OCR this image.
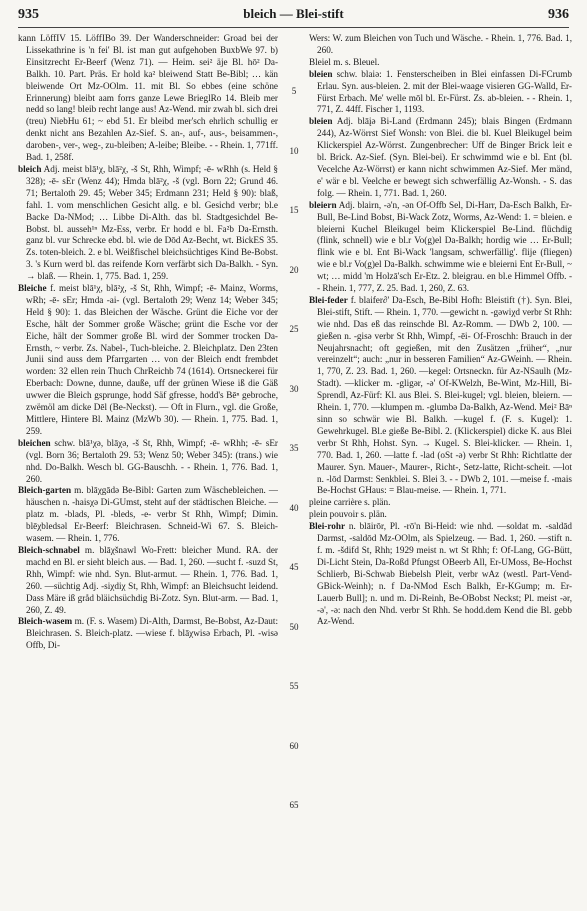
935	bleich — Blei-stift	936

kann LöffIV 15. LöffIBo 39. Der Wanderschneider: Groad bei der Lissekathrine is 'n fei' Bl. ist man gut aufgehoben BuxbWe 97. b) Einsitzrecht Er-Beerf (Wenz 71). — Heim. sei² äje Bl. hō² Da-Balkh. 10. Part. Präs. Er hold ka² bleiwend Statt Be-Bibl; … kän bleiwende Ort Mz-OOlm. 11. mit Bl. So ebbes (eine schöne Erinnerung) bleibt aam forrs ganze Lewe BrieglRo 14. Bleib mer nedd so lang! bleib recht lange aus! Az-Wend. mir zwah bl. sich drei (treu) NiebHu 61; ~ ebd 51. Er bleibd mer'sch ehrlich schullig er denkt nicht ans Bezahlen Az-Sief. S. an-, auf-, aus-, beisammen-, daroben-, ver-, weg-, zu-bleiben; A-leibe; Bleibe. - - Rhein. 1, 771ff. Bad. 1, 258f.

bleich Adj. meist blā¹χ, blā²χ, -š St, Rhh, Wimpf; -ē- wRhh (s. Held § 328); -ē- sEr (Wenz 44); Hmda blā²χ, -š (vgl. Born 22; Grund 46. 71; Bertaloth 29. 45; Weber 345; Erdmann 231; Held § 90): blaß, fahl. 1. vom menschlichen Gesicht allg. e bl. Gesichd verbr; bl.e Backe Da-NMod; … Libbe Di-Alth. das bl. Stadtgesichdel Be-Bobst. bl. ausseh¹ⁿ Mz-Ess, verbr. Er hodd e bl. Fa²b Da-Ernsth. ganz bl. vur Schrecke ebd. bl. wie de Dōd Az-Becht, wt. BickES 35. Zs. toten-bleich. 2. e bl. Weißfischel bleichsüchtiges Kind Be-Bobst. 3. 's Kurn werd bl. das reifende Korn verfärbt sich Da-Balkh. - Syn. → blaß. — Rhein. 1, 775. Bad. 1, 259.

Bleiche f. meist blā¹χ, blā²χ, -š St, Rhh, Wimpf; -ē- Mainz, Worms, wRh; -ē- sEr; Hmda -ai- (vgl. Bertaloth 29; Wenz 14; Weber 345; Held § 90): 1. das Bleichen der Wäsche. Grünt die Eiche vor der Esche, hält der Sommer große Wäsche; grünt die Esche vor der Eiche, hält der Sommer große Bl. wird der Sommer trocken Da-Ernsth, ~ verbr. Zs. Nabel-, Tuch-bleiche. 2. Bleichplatz. Den 23ten Junii sind auss dem Pfarrgarten … von der Bleich endt frembdet worden: 32 ellen rein Thuch ChrReichb 74 (1614). Ortsneckerei für Eberbach: Downe, dunne, dauße, uff der grünen Wiese iß die Gäß uwwer die Bleich gsprunge, hodd Säf gfresse, hodd's Bēⁿ gebroche, zwëmöl am dicke Dēl (Be-Neckst). — Oft in Flurn., vgl. die Große, Mittlere, Hintere Bl. Mainz (MzWb 30). — Rhein. 1, 775. Bad. 1, 259.

bleichen schw. blā¹χə, blāχə, -š St, Rhh, Wimpf; -ē- wRhh; -ē- sEr (vgl. Born 36; Bertaloth 29. 53; Wenz 50; Weber 345): (trans.) wie nhd. Do-Balkh. Wesch bl. GG-Bauschh. - - Rhein. 1, 776. Bad. 1, 260.

Bleich-garten m. blāχgādə Be-Bibl: Garten zum Wäschebleichen. —häuschen n. -haisχə Di-GUmst, steht auf der städtischen Bleiche. —platz m. -blads, Pl. -bleds, -e- verbr St Rhh, Wimpf; Dimin. blēχbledsəl Er-Beerf: Bleichrasen. Schneid-Wi 67. S. Bleich-wasem. — Rhein. 1, 776.

Bleich-schnabel m. blāχšnawl Wo-Frett: bleicher Mund. RA. der machd en Bl. er sieht bleich aus. — Bad. 1, 260. —sucht f. -suzd St, Rhh, Wimpf: wie nhd. Syn. Blut-armut. — Rhein. 1, 776. Bad. 1, 260. —süchtig Adj. -siχdiχ St, Rhh, Wimpf: an Bleichsucht leidend. Dass Märe iß gråd bläichsüchdig Bi-Zotz. Syn. Blut-arm. — Bad. 1, 260, Z. 49.

Bleich-wasem m. (F. s. Wasem) Di-Alth, Darmst, Be-Bobst, Az-Daut: Bleichrasen. S. Bleich-platz. —wiese f. blāχwisə Erbach, Pl. -wisə Offb, Di-

5
10
15
20
25
30
35
40
45
50
55
60
65

Wers: W. zum Bleichen von Tuch und Wäsche. - Rhein. 1, 776. Bad. 1, 260.

Bleiel m. s. Bleuel.

bleien schw. blaiə: 1. Fensterscheiben in Blei einfassen Di-FCrumb Erlau. Syn. aus-bleien. 2. mit der Blei-waage visieren GG-Walld, Er-Fürst Erbach. Me' welle mōl bl. Er-Fürst. Zs. ab-bleien. - - Rhein. 1, 771, Z. 44ff. Fischer 1, 1193.

bleien Adj. blāįə Bi-Land (Erdmann 245); blais Bingen (Erdmann 244), Az-Wörrst Sief Wonsh: von Blei. die bl. Kuel Bleikugel beim Klickerspiel Az-Wörrst. Zungenbrecher: Uff de Binger Brick leit e bl. Brick. Az-Sief. (Syn. Blei-bei). Er schwimmd wie e bl. Ent (bl. Vecelche Az-Wörrst) er kann nicht schwimmen Az-Sief. Mer mänd, e' wär e bl. Veelche er bewegt sich schwerfällig Az-Wonsh. - S. das folg. — Rhein. 1, 771. Bad. 1, 260.

bleiern Adj. blairn, -ə'n, -ən Of-Offb Sel, Di-Harr, Da-Esch Balkh, Er-Bull, Be-Lind Bobst, Bi-Wack Zotz, Worms, Az-Wend: 1. = bleien. e bleierni Kuchel Bleikugel beim Klickerspiel Be-Lind. flüchdig (flink, schnell) wie e bl.r Vo(g)el Da-Balkh; hordig wie … Er-Bull; flink wie e bl. Ent Bi-Wack 'langsam, schwerfällig'. flije (fliegen) wie e bl.r Vo(g)el Da-Balkh. schwimme wie e bleierni Ent Er-Bull, ~ wt; … midd 'm Holzā'sch Er-Etz. 2. bleigrau. en bl.e Himmel Offb. - - Rhein. 1, 777, Z. 25. Bad. 1, 260, Z. 63.

Blei-feder f. blaifer∂' Da-Esch, Be-Bibl Hofh: Bleistift (†). Syn. Blei, Blei-stift, Stift. — Rhein. 1, 770. —gewicht n. -gəwiχd verbr St Rhh: wie nhd. Das eß das reinschde Bl. Az-Romm. — DWb 2, 100. —gießen n. -gisə verbr St Rhh, Wimpf, -ēi- Of-Froschh: Brauch in der Neujahrsnacht; oft gegießen, mit den Zusätzen „früher“, „nur vereinzelt“; auch: „nur in besseren Familien“ Az-GWeinh. — Rhein. 1, 770, Z. 23. Bad. 1, 260. —kegel: Ortsneckn. für Az-NSaulh (Mz-Stadt). —klicker m. -gligər, -ə' Of-KWelzh, Be-Wint, Mz-Hill, Bi-Sprendl, Az-Fürf: Kl. aus Blei. S. Blei-kugel; vgl. bleien, bleiern. — Rhein. 1, 770. —klumpen m. -glumbə Da-Balkh, Az-Wend. Mei² Bāⁿ sinn so schwär wie Bl. Balkh. —kugel f. (F. s. Kugel): 1. Gewehrkugel. Bl.e gieße Be-Bibl. 2. (Klickerspiel) dicke K. aus Blei verbr St Rhh, Hohst. Syn. → Kugel. S. Blei-klicker. — Rhein. 1, 770. Bad. 1, 260. —latte f. -lad (oSt -ə) verbr St Rhh: Richtlatte der Maurer. Syn. Mauer-, Maurer-, Richt-, Setz-latte, Richt-scheit. —lot n. -lōd Darmst: Senkblei. S. Blei 3. - - DWb 2, 101. —meise f. -mais Be-Hochst GHaus: = Blau-meise. — Rhein. 1, 771.

pleine carrière s. plän.

plein pouvoir s. plän.

Blei-rohr n. blāirōr, Pl. -rō'n Bi-Heid: wie nhd. —soldat m. -saldād Darmst, -saldōd Mz-OOlm, als Spielzeug. — Bad. 1, 260. —stift n. f. m. -šdifd St, Rhh; 1929 meist n. wt St Rhh; f: Of-Lang, GG-Bütt, Di-Licht Stein, Da-Roßd Pfungst OBeerb All, Er-UMoss, Be-Hochst Schlierb, Bi-Schwab Biebelsh Pleit, verbr wAz (westl. Part-Vend-GBick-Weinh); n. f Da-NMod Esch Balkh, Er-KGump; m. Er-Lauerb Bull]; n. und m. Di-Reinh, Be-OBobst Neckst; Pl. meist -ər, -ə', -ə: nach den Nhd. verbr St Rhh. Se hodd.dem Kend die Bl. gebb Az-Wend.
